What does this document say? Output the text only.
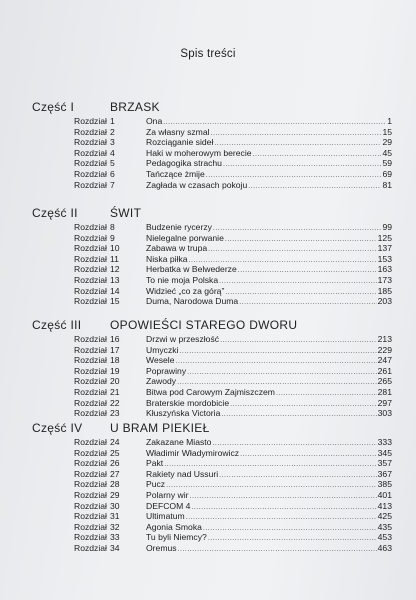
Spis treści
Część I	BRZASK
Rozdział 1	Ona .....	1
Rozdział 2	Za własny szmal .....	15
Rozdział 3	Rozciąganie sideł .....	29
Rozdział 4	Haki w moherowym berecie .....	45
Rozdział 5	Pedagogika strachu .....	59
Rozdział 6	Tańczące żmije .....	69
Rozdział 7	Zagłada w czasach pokoju .....	81
Część II	ŚWIT
Rozdział 8	Budzenie rycerzy .....	99
Rozdział 9	Nielegalne porwanie .....	125
Rozdział 10	Zabawa w trupa .....	137
Rozdział 11	Niska piłka .....	153
Rozdział 12	Herbatka w Belwederze .....	163
Rozdział 13	To nie moja Polska .....	173
Rozdział 14	Widzieć „co za górą” .....	185
Rozdział 15	Duma, Narodowa Duma .....	203
Część III OPOWIEŚCI STAREGO DWORU
Rozdział 16	Drzwi w przeszłość .....	213
Rozdział 17	Umyczki .....	229
Rozdział 18	Wesele .....	247
Rozdział 19	Poprawiny .....	261
Rozdział 20	Zawody .....	265
Rozdział 21	Bitwa pod Carowym Zajmiszczem .....	281
Rozdział 22	Braterskie mordobicie .....	297
Rozdział 23	Kłuszyńska Victoria .....	303
Część IV U BRAM PIEKIEŁ
Rozdział 24	Zakazane Miasto .....	333
Rozdział 25	Władimir Władymirowicz .....	345
Rozdział 26	Pakt .....	357
Rozdział 27	Rakiety nad Ussuri .....	367
Rozdział 28	Pucz .....	385
Rozdział 29	Polarny wir .....	401
Rozdział 30	DEFCOM 4 .....	413
Rozdział 31	Ultimatum .....	425
Rozdział 32	Agonia Smoka .....	435
Rozdział 33	Tu byli Niemcy? .....	453
Rozdział 34	Oremus .....	463
